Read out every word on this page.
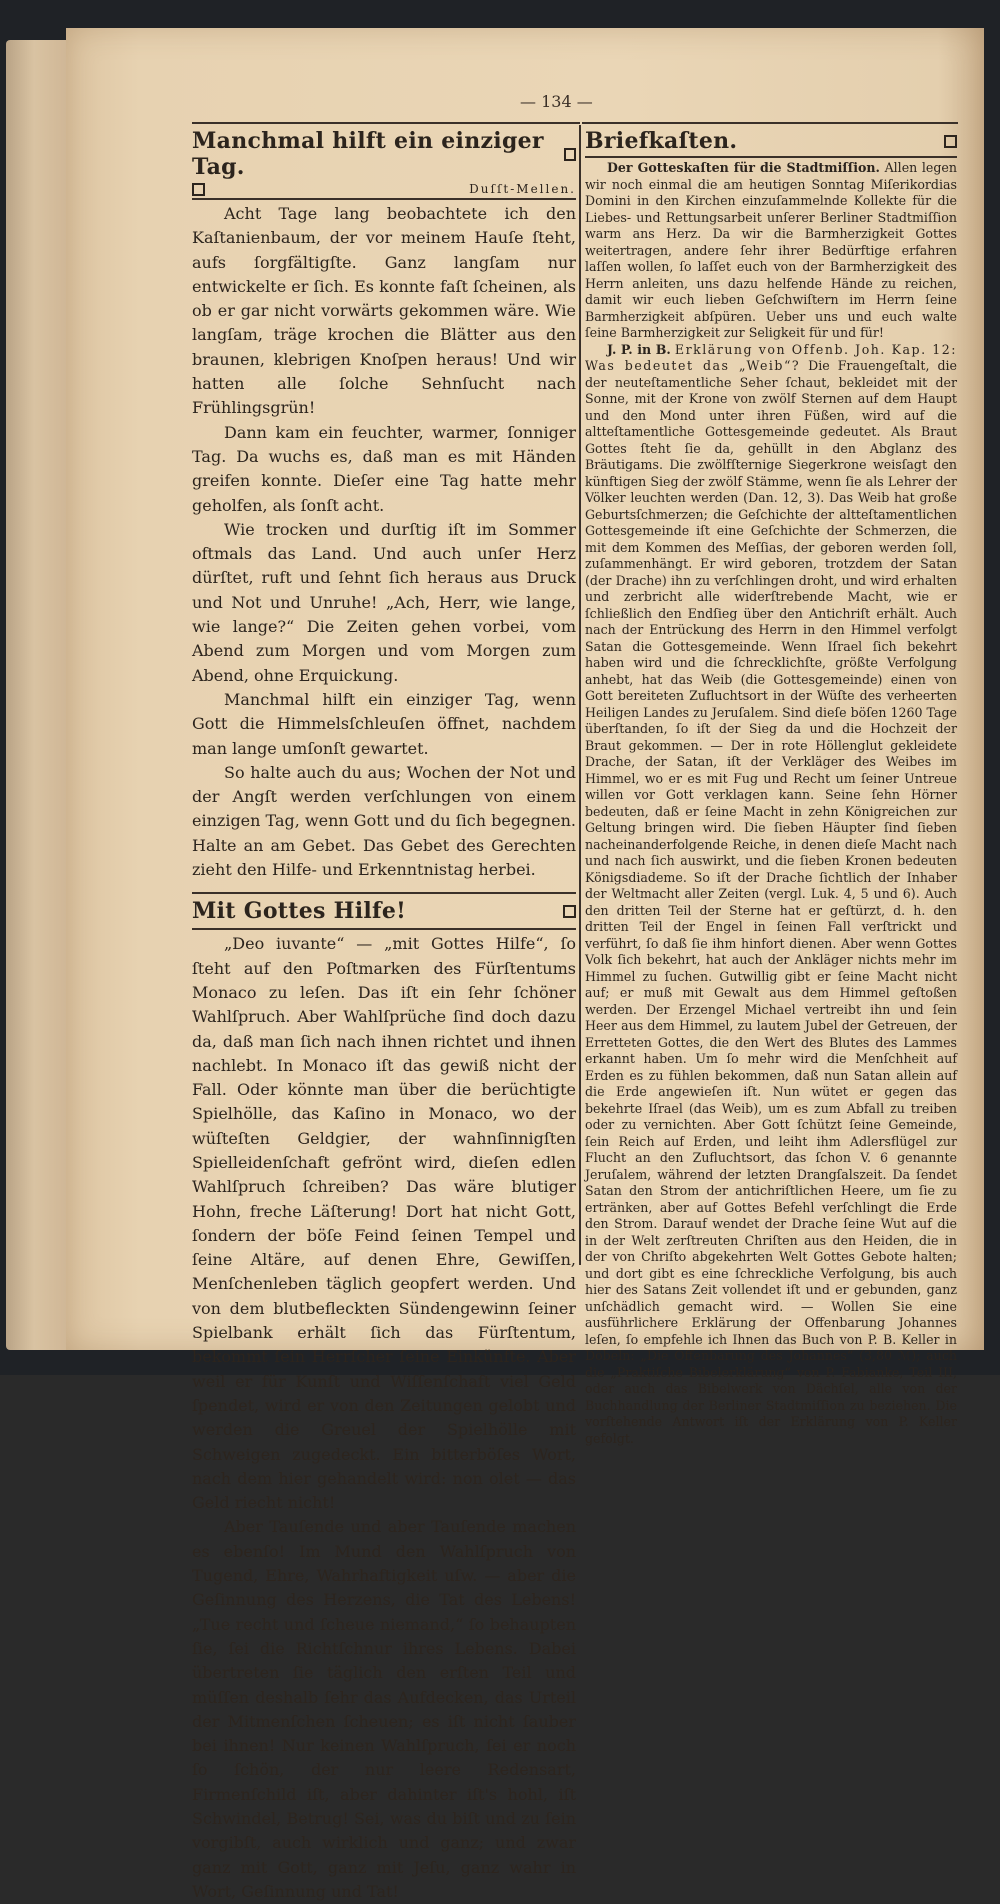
— 134 —
Manchmal hilft ein einziger Tag.
Duſſt-Mellen.

Acht Tage lang beobachtete ich den Kaſtanienbaum, der vor meinem Hauſe ſteht, aufs ſorgfältigſte. Ganz langſam nur entwickelte er ſich. Es konnte faſt ſcheinen, als ob er gar nicht vorwärts gekommen wäre. Wie langſam, träge krochen die Blätter aus den braunen, klebrigen Knoſpen heraus! Und wir hatten alle ſolche Sehnſucht nach Frühlingsgrün!

Dann kam ein feuchter, warmer, ſonniger Tag. Da wuchs es, daß man es mit Händen greifen konnte. Dieſer eine Tag hatte mehr geholfen, als ſonſt acht.

Wie trocken und durſtig iſt im Sommer oftmals das Land. Und auch unſer Herz dürſtet, ruft und ſehnt ſich heraus aus Druck und Not und Unruhe! „Ach, Herr, wie lange, wie lange?“ Die Zeiten gehen vorbei, vom Abend zum Morgen und vom Morgen zum Abend, ohne Erquickung.

Manchmal hilft ein einziger Tag, wenn Gott die Himmelsſchleuſen öffnet, nachdem man lange umſonſt gewartet.

So halte auch du aus; Wochen der Not und der Angſt werden verſchlungen von einem einzigen Tag, wenn Gott und du ſich begegnen. Halte an am Gebet. Das Gebet des Gerechten zieht den Hilfe- und Erkenntnistag herbei.

Mit Gottes Hilfe!

„Deo iuvante“ — „mit Gottes Hilfe“, ſo ſteht auf den Poſtmarken des Fürſtentums Monaco zu leſen. Das iſt ein ſehr ſchöner Wahlſpruch. Aber Wahlſprüche ſind doch dazu da, daß man ſich nach ihnen richtet und ihnen nachlebt. In Monaco iſt das gewiß nicht der Fall. Oder könnte man über die berüchtigte Spielhölle, das Kaſino in Monaco, wo der wüſteſten Geldgier, der wahnſinnigſten Spielleidenſchaft gefrönt wird, dieſen edlen Wahlſpruch ſchreiben? Das wäre blutiger Hohn, freche Läſterung! Dort hat nicht Gott, ſondern der böſe Feind ſeinen Tempel und ſeine Altäre, auf denen Ehre, Gewiſſen, Menſchenleben täglich geopfert werden. Und von dem blutbefleckten Sündengewinn ſeiner Spielbank erhält ſich das Fürſtentum, bekommt ſein Herrſcher ſeine Einkünfte. Aber weil er für Kunſt und Wiſſenſchaft viel Geld ſpendet, wird er von den Zeitungen gelobt und werden die Greuel der Spielhölle mit Schweigen zugedeckt. Ein bitterböſes Wort, nach dem hier gehandelt wird: non olet — das Geld riecht nicht!

Aber Tauſende und aber Tauſende machen es ebenſo! Im Mund den Wahlſpruch von Tugend, Ehre, Wahrhaftigkeit uſw. — aber die Geſinnung des Herzens, die Tat des Lebens! „Tue recht und ſcheue niemand,“ ſo behaupten ſie, ſei die Richtſchnur ihres Lebens. Dabei übertreten ſie täglich den erſten Teil und müſſen deshalb ſehr das Aufdecken, das Urteil der Mitmenſchen ſcheuen; es iſt nicht ſauber bei ihnen! Nur keinen Wahlſpruch, ſei er noch ſo ſchön, der nur leere Redensart, Firmenſchild iſt, aber dahinter iſt's hohl, iſt Schwindel, Betrug! Sei, was du biſt und zu ſein vorgibſt, auch wirklich und ganz; und zwar ganz mit Gott, ganz mit Jeſu, ganz wahr in Wort, Geſinnung und Tat!

Briefkaſten.

Der Gotteskaſten für die Stadtmiſſion. Allen legen wir noch einmal die am heutigen Sonntag Miſerikordias Domini in den Kirchen einzuſammelnde Kollekte für die Liebes- und Rettungsarbeit unſerer Berliner Stadtmiſſion warm ans Herz. Da wir die Barmherzigkeit Gottes weitertragen, andere ſehr ihrer Bedürftige erfahren laſſen wollen, ſo laſſet euch von der Barmherzigkeit des Herrn anleiten, uns dazu helfende Hände zu reichen, damit wir euch lieben Geſchwiſtern im Herrn ſeine Barmherzigkeit abſpüren. Ueber uns und euch walte ſeine Barmherzigkeit zur Seligkeit für und für!

J. P. in B. Erklärung von Offenb. Joh. Kap. 12: Was bedeutet das „Weib“? Die Frauengeſtalt, die der neuteſtamentliche Seher ſchaut, bekleidet mit der Sonne, mit der Krone von zwölf Sternen auf dem Haupt und den Mond unter ihren Füßen, wird auf die altteſtamentliche Gottesgemeinde gedeutet. Als Braut Gottes ſteht ſie da, gehüllt in den Abglanz des Bräutigams. Die zwölfſternige Siegerkrone weisſagt den künftigen Sieg der zwölf Stämme, wenn ſie als Lehrer der Völker leuchten werden (Dan. 12, 3). Das Weib hat große Geburtsſchmerzen; die Geſchichte der altteſtamentlichen Gottesgemeinde iſt eine Geſchichte der Schmerzen, die mit dem Kommen des Meſſias, der geboren werden ſoll, zuſammenhängt. Er wird geboren, trotzdem der Satan (der Drache) ihn zu verſchlingen droht, und wird erhalten und zerbricht alle widerſtrebende Macht, wie er ſchließlich den Endſieg über den Antichriſt erhält. Auch nach der Entrückung des Herrn in den Himmel verfolgt Satan die Gottesgemeinde. Wenn Iſrael ſich bekehrt haben wird und die ſchrecklichſte, größte Verfolgung anhebt, hat das Weib (die Gottesgemeinde) einen von Gott bereiteten Zufluchtsort in der Wüſte des verheerten Heiligen Landes zu Jeruſalem. Sind dieſe böſen 1260 Tage überſtanden, ſo iſt der Sieg da und die Hochzeit der Braut gekommen. — Der in rote Höllenglut gekleidete Drache, der Satan, iſt der Verkläger des Weibes im Himmel, wo er es mit Fug und Recht um ſeiner Untreue willen vor Gott verklagen kann. Seine ſehn Hörner bedeuten, daß er ſeine Macht in zehn Königreichen zur Geltung bringen wird. Die ſieben Häupter ſind ſieben nacheinanderfolgende Reiche, in denen dieſe Macht nach und nach ſich auswirkt, und die ſieben Kronen bedeuten Königsdiademe. So iſt der Drache ſichtlich der Inhaber der Weltmacht aller Zeiten (vergl. Luk. 4, 5 und 6). Auch den dritten Teil der Sterne hat er geſtürzt, d. h. den dritten Teil der Engel in ſeinen Fall verſtrickt und verführt, ſo daß ſie ihm hinfort dienen. Aber wenn Gottes Volk ſich bekehrt, hat auch der Ankläger nichts mehr im Himmel zu ſuchen. Gutwillig gibt er ſeine Macht nicht auf; er muß mit Gewalt aus dem Himmel geſtoßen werden. Der Erzengel Michael vertreibt ihn und ſein Heer aus dem Himmel, zu lautem Jubel der Getreuen, der Erretteten Gottes, die den Wert des Blutes des Lammes erkannt haben. Um ſo mehr wird die Menſchheit auf Erden es zu fühlen bekommen, daß nun Satan allein auf die Erde angewieſen iſt. Nun wütet er gegen das bekehrte Iſrael (das Weib), um es zum Abfall zu treiben oder zu vernichten. Aber Gott ſchützt ſeine Gemeinde, ſein Reich auf Erden, und leiht ihm Adlersflügel zur Flucht an den Zufluchtsort, das ſchon V. 6 genannte Jeruſalem, während der letzten Drangſalszeit. Da ſendet Satan den Strom der antichriſtlichen Heere, um ſie zu ertränken, aber auf Gottes Befehl verſchlingt die Erde den Strom. Darauf wendet der Drache ſeine Wut auf die in der Welt zerſtreuten Chriſten aus den Heiden, die in der von Chriſto abgekehrten Welt Gottes Gebote halten; und dort gibt es eine ſchreckliche Verfolgung, bis auch hier des Satans Zeit vollendet iſt und er gebunden, ganz unſchädlich gemacht wird. — Wollen Sie eine ausführlichere Erklärung der Offenbarung Johannes leſen, ſo empfehle ich Ihnen das Buch von P. B. Keller in Döbeln: „Die Offenbarung des Johannes“ (3,80 ℳ); auch die „Praktiſche Bibelerklärung“ von P. Fabianke, Teil III, oder auch das Bibelwerk von Dächſel, alle von der Buchhandlung der Berliner Stadtmiſſion zu beziehen. Die vorſtehende Antwort iſt der Erklärung von P. Keller gefolgt.
